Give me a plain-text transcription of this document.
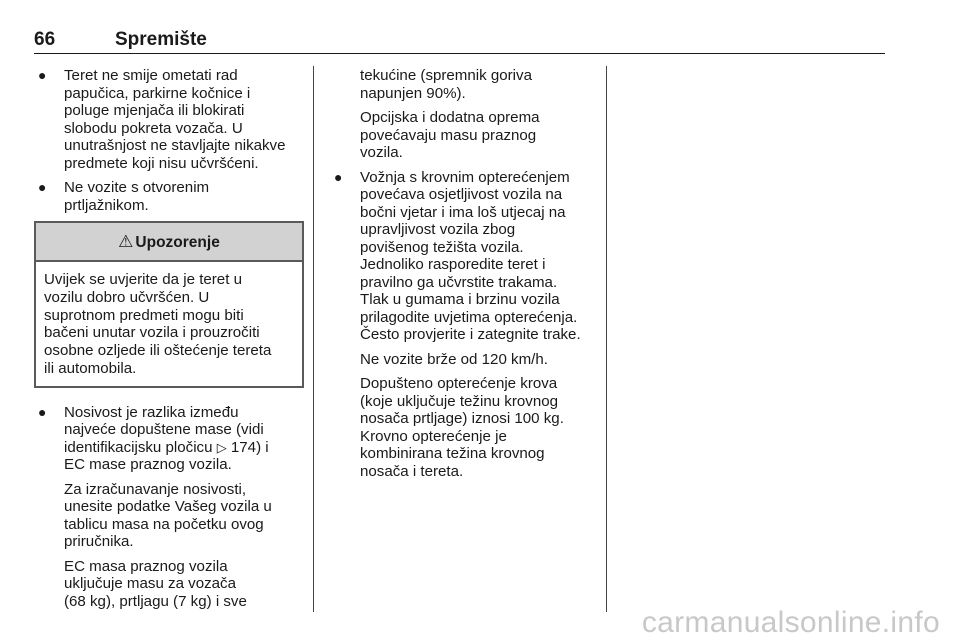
66	Spremište
● Teret ne smije ometati rad
papučica, parkirne kočnice i
poluge mjenjača ili blokirati
slobodu pokreta vozača. U
unutrašnjost ne stavljajte nikakve
predmete koji nisu učvršćeni.
● Ne vozite s otvorenim
prtljažnikom.
⚠ Upozorenje
Uvijek se uvjerite da je teret u
vozilu dobro učvršćen. U
suprotnom predmeti mogu biti
bačeni unutar vozila i prouzročiti
osobne ozljede ili oštećenje tereta
ili automobila.
● Nosivost je razlika između
najveće dopuštene mase (vidi
identifikacijsku pločicu ▷ 174) i
EC mase praznog vozila.
Za izračunavanje nosivosti,
unesite podatke Vašeg vozila u
tablicu masa na početku ovog
priručnika.
EC masa praznog vozila
uključuje masu za vozača
(68 kg), prtljagu (7 kg) i sve
tekućine (spremnik goriva
napunjen 90%).
Opcijska i dodatna oprema
povećavaju masu praznog
vozila.
● Vožnja s krovnim opterećenjem
povećava osjetljivost vozila na
bočni vjetar i ima loš utjecaj na
upravljivost vozila zbog
povišenog težišta vozila.
Jednoliko rasporedite teret i
pravilno ga učvrstite trakama.
Tlak u gumama i brzinu vozila
prilagodite uvjetima opterećenja.
Često provjerite i zategnite trake.
Ne vozite brže od 120 km/h.
Dopušteno opterećenje krova
(koje uključuje težinu krovnog
nosača prtljage) iznosi 100 kg.
Krovno opterećenje je
kombinirana težina krovnog
nosača i tereta.
carmanualsonline.info
